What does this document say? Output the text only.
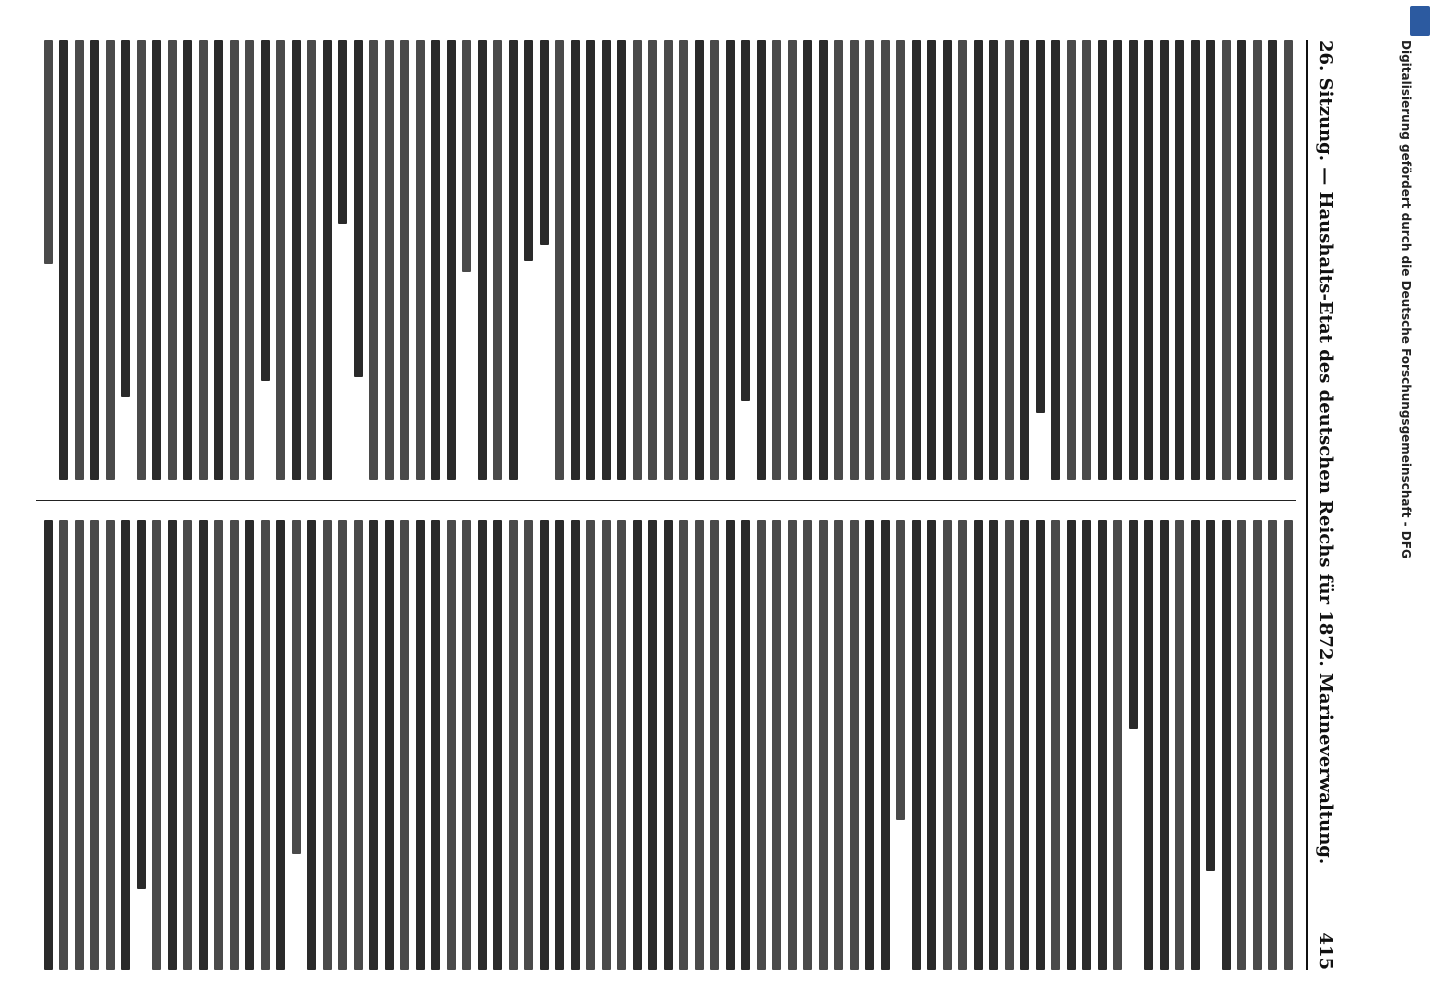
26. Sitzung. — Haushalts-Etat des deutschen Reichs für 1872. Marineverwaltung.
415
Digitalisierung gefördert durch die Deutsche Forschungsgemeinschaft - DFG
